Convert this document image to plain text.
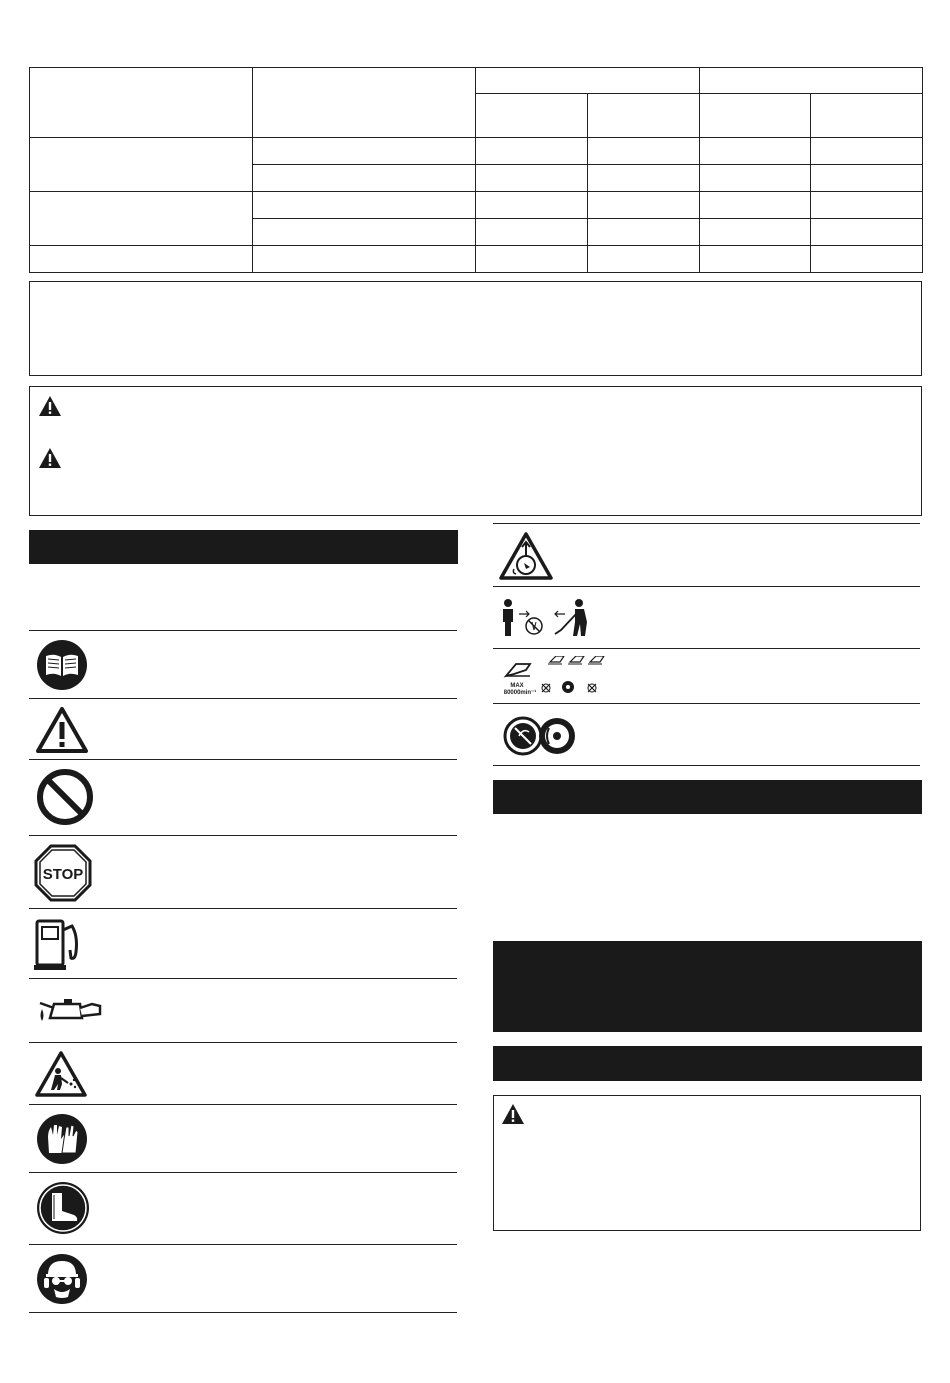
STOP
MAX
80000min⁻¹
